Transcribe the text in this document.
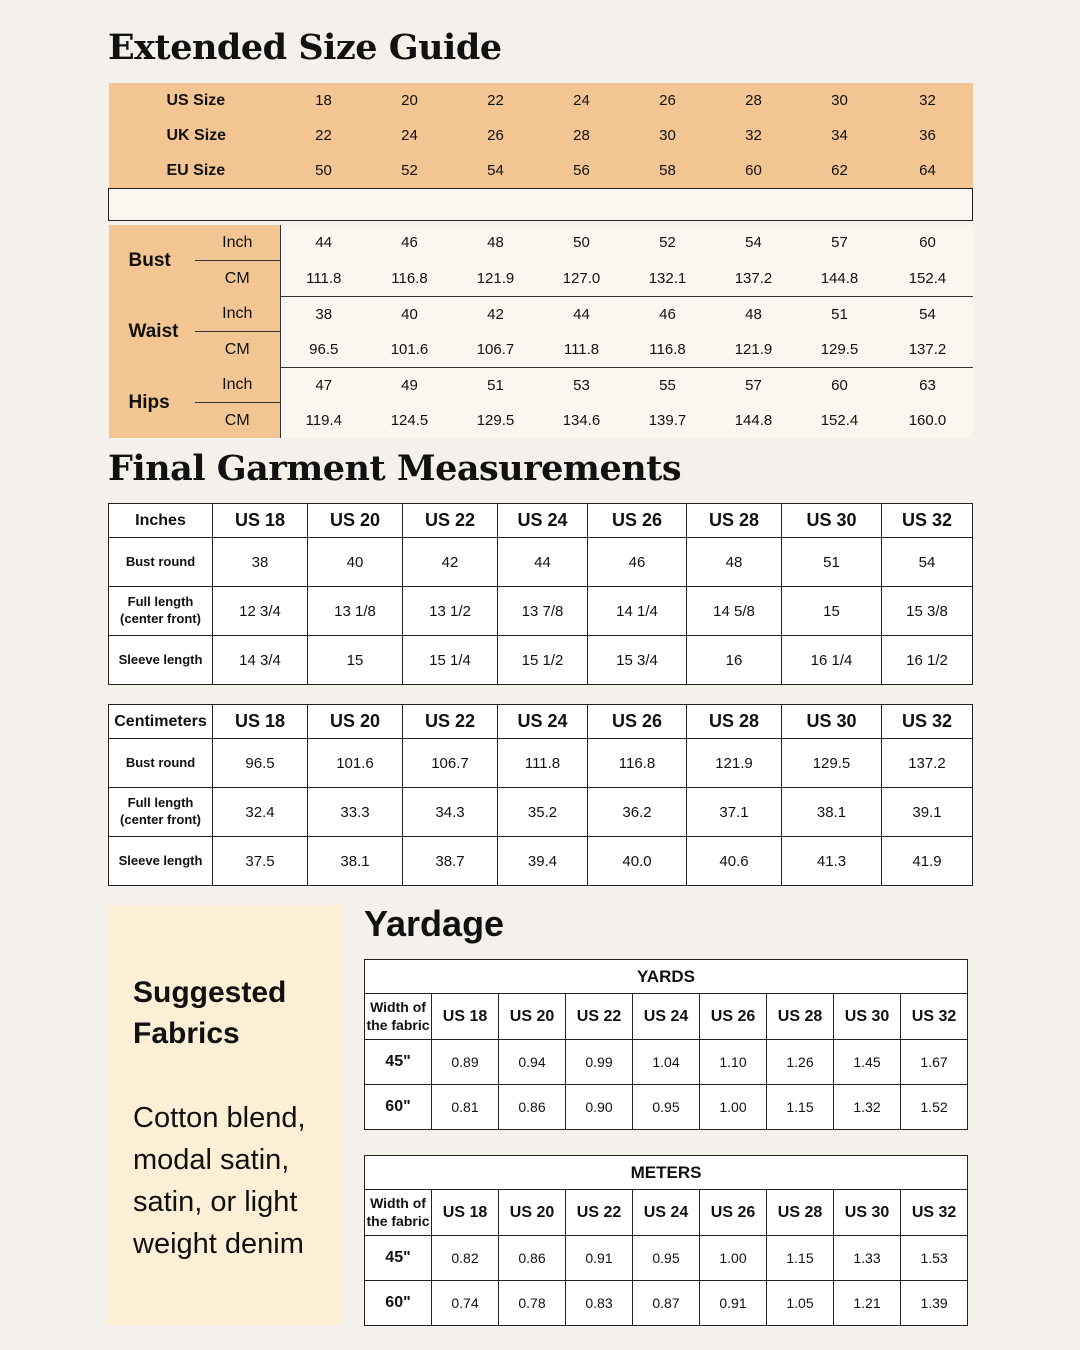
Extended Size Guide
US Size		18	20	22	24	26	28	30	32
UK Size		22	24	26	28	30	32	34	36
EU Size		50	52	54	56	58	60	62	64

Bust	Inch	44	46	48	50	52	54	57	60
	CM	111.8	116.8	121.9	127.0	132.1	137.2	144.8	152.4
Waist	Inch	38	40	42	44	46	48	51	54
	CM	96.5	101.6	106.7	111.8	116.8	121.9	129.5	137.2
Hips	Inch	47	49	51	53	55	57	60	63
	CM	119.4	124.5	129.5	134.6	139.7	144.8	152.4	160.0
Final Garment Measurements
Inches	US 18	US 20	US 22	US 24	US 26	US 28	US 30	US 32

Bust round	38	40	42	44	46	48	51	54

Full length
(center front)	12 3/4	13 1/8	13 1/2	13 7/8	14 1/4	14 5/8	15	15 3/8

Sleeve length	14 3/4	15	15 1/4	15 1/2	15 3/4	16	16 1/4	16 1/2
Centimeters	US 18	US 20	US 22	US 24	US 26	US 28	US 30	US 32

Bust round	96.5	101.6	106.7	111.8	116.8	121.9	129.5	137.2

Full length
(center front)	32.4	33.3	34.3	35.2	36.2	37.1	38.1	39.1

Sleeve length	37.5	38.1	38.7	39.4	40.0	40.6	41.3	41.9
Suggested
Fabrics
Cotton blend,
modal satin,
satin, or light
weight denim
Yardage
YARDS								

Width of
the fabric	US 18	US 20	US 22	US 24	US 26	US 28	US 30	US 32
45"	0.89	0.94	0.99	1.04	1.10	1.26	1.45	1.67
60"	0.81	0.86	0.90	0.95	1.00	1.15	1.32	1.52
METERS								

Width of
the fabric	US 18	US 20	US 22	US 24	US 26	US 28	US 30	US 32
45"	0.82	0.86	0.91	0.95	1.00	1.15	1.33	1.53
60"	0.74	0.78	0.83	0.87	0.91	1.05	1.21	1.39
